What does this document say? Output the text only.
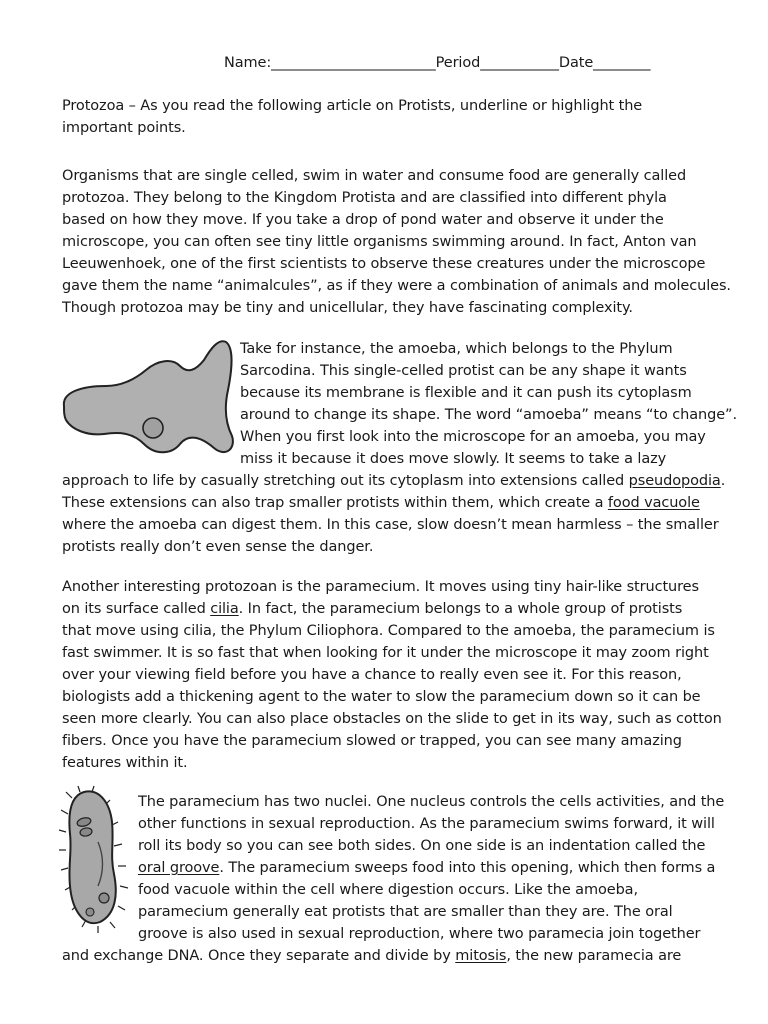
Name:_______________________Period___________Date________
Protozoa – As you read the following article on Protists, underline or highlight the
important points.
Organisms that are single celled, swim in water and consume food are generally called
protozoa. They belong to the Kingdom Protista and are classified into different phyla
based on how they move. If you take a drop of pond water and observe it under the
microscope, you can often see tiny little organisms swimming around. In fact, Anton van
Leeuwenhoek, one of the first scientists to observe these creatures under the microscope
gave them the name “animalcules”, as if they were a combination of animals and molecules.
Though protozoa may be tiny and unicellular, they have fascinating complexity.
Take for instance, the amoeba, which belongs to the Phylum
Sarcodina. This single-celled protist can be any shape it wants
because its membrane is flexible and it can push its cytoplasm
around to change its shape. The word “amoeba” means “to change”.
When you first look into the microscope for an amoeba, you may
miss it because it does move slowly. It seems to take a lazy
approach to life by casually stretching out its cytoplasm into extensions called pseudopodia.
These extensions can also trap smaller protists within them, which create a food vacuole
where the amoeba can digest them. In this case, slow doesn’t mean harmless – the smaller
protists really don’t even sense the danger.
Another interesting protozoan is the paramecium. It moves using tiny hair-like structures
on its surface called cilia. In fact, the paramecium belongs to a whole group of protists
that move using cilia, the Phylum Ciliophora. Compared to the amoeba, the paramecium is
fast swimmer. It is so fast that when looking for it under the microscope it may zoom right
over your viewing field before you have a chance to really even see it. For this reason,
biologists add a thickening agent to the water to slow the paramecium down so it can be
seen more clearly. You can also place obstacles on the slide to get in its way, such as cotton
fibers. Once you have the paramecium slowed or trapped, you can see many amazing
features within it.
The paramecium has two nuclei. One nucleus controls the cells activities, and the
other functions in sexual reproduction. As the paramecium swims forward, it will
roll its body so you can see both sides. On one side is an indentation called the
oral groove. The paramecium sweeps food into this opening, which then forms a
food vacuole within the cell where digestion occurs. Like the amoeba,
paramecium generally eat protists that are smaller than they are. The oral
groove is also used in sexual reproduction, where two paramecia join together
and exchange DNA. Once they separate and divide by mitosis, the new paramecia are
